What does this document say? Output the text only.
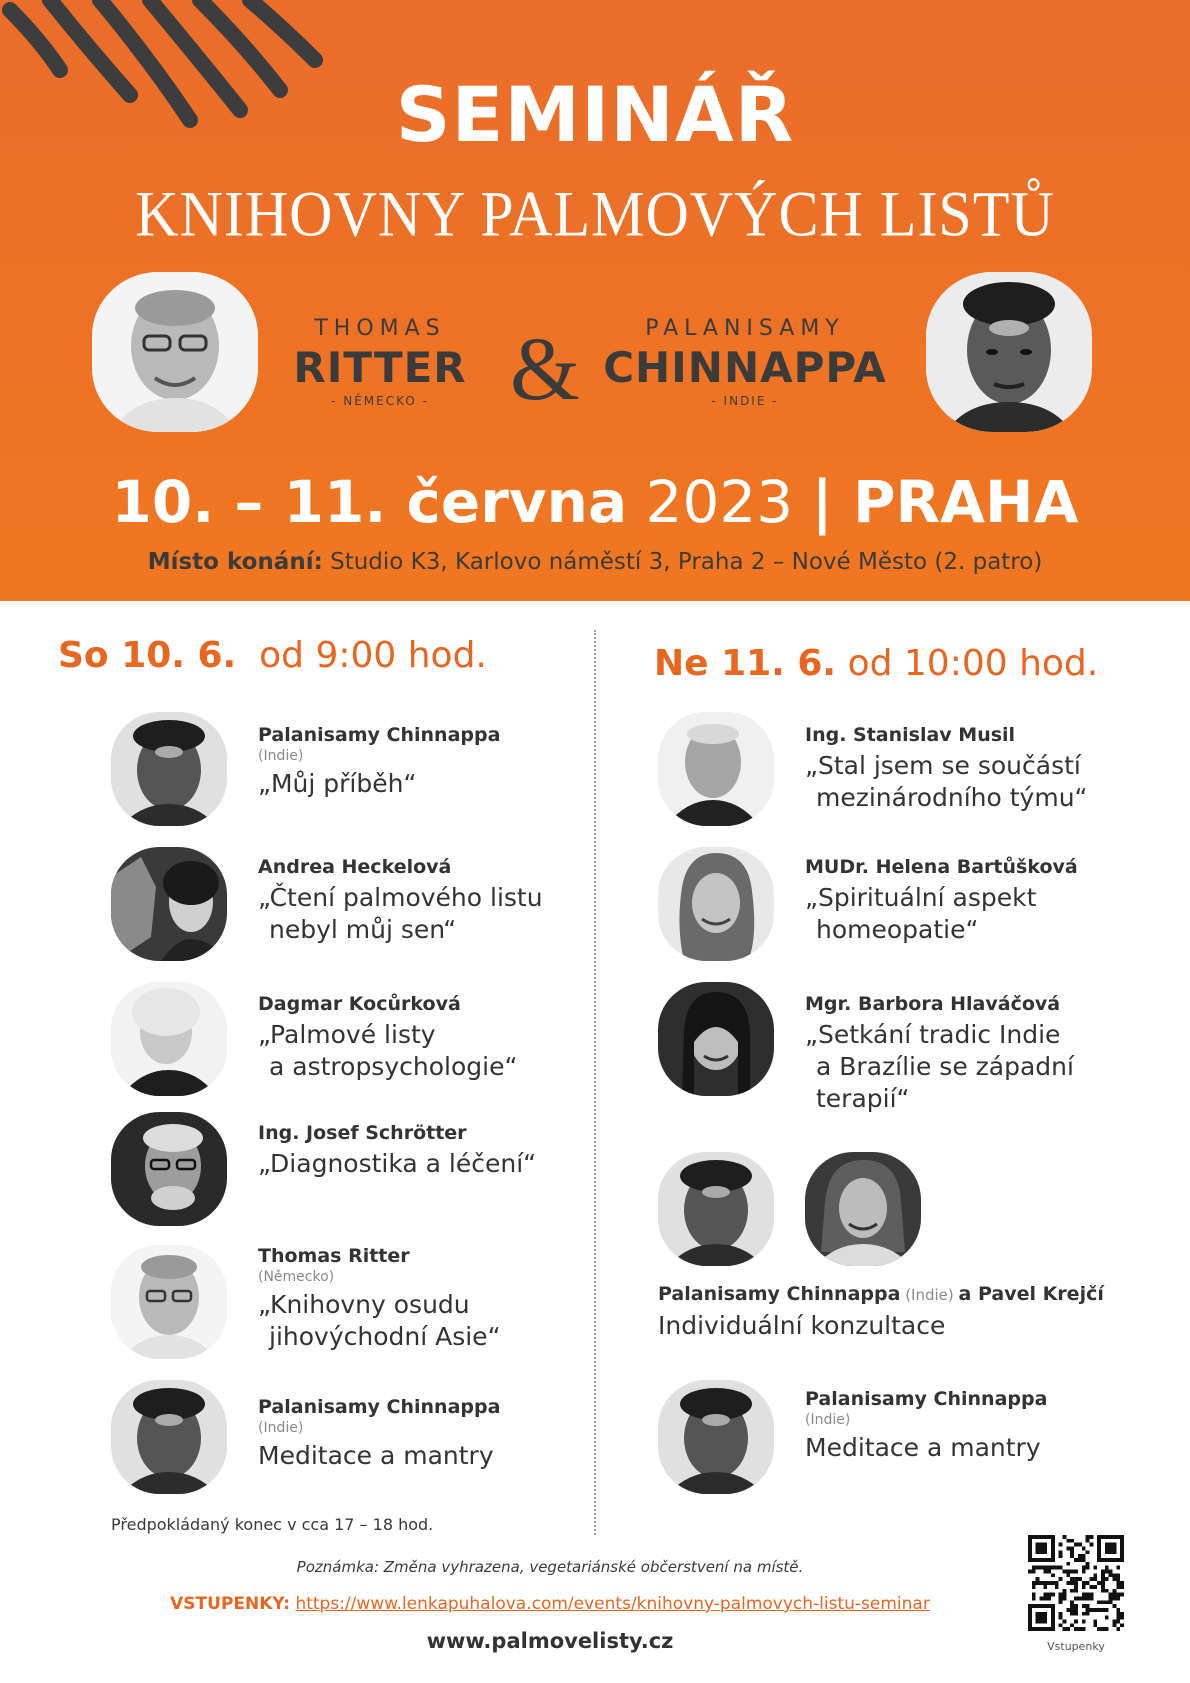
SEMINÁŘ
KNIHOVNY PALMOVÝCH LISTŮ
THOMAS
RITTER
- NĚMECKO - &	PALANISAMY
CHINNAPPA
- INDIE -
10. – 11. června 2023 | PRAHA
Místo konání: Studio K3, Karlovo náměstí 3, Praha 2 – Nové Město (2. patro)
So 10. 6. od 9:00 hod.	Ne 11. 6. od 10:00 hod.
Palanisamy Chinnappa
(Indie)
„Můj příběh“
Andrea Heckelová
„Čtení palmového listu
nebyl můj sen“
Dagmar Kocůrková
„Palmové listy
a astropsychologie“
Ing. Josef Schrötter
„Diagnostika a léčení“
Thomas Ritter
(Německo)
„Knihovny osudu
jihovýchodní Asie“
Palanisamy Chinnappa
(Indie)
Meditace a mantry
Předpokládaný konec v cca 17 – 18 hod.
Ing. Stanislav Musil
„Stal jsem se součástí
mezinárodního týmu“
MUDr. Helena Bartůšková
„Spirituální aspekt
homeopatie“
Mgr. Barbora Hlaváčová
„Setkání tradic Indie
a Brazílie se západní
terapií“
Palanisamy Chinnappa (Indie) a Pavel Krejčí
Individuální konzultace
Palanisamy Chinnappa
(Indie)
Meditace a mantry
Poznámka: Změna vyhrazena, vegetariánské občerstvení na místě.
VSTUPENKY: https://www.lenkapuhalova.com/events/knihovny-palmovych-listu-seminar
www.palmovelisty.cz	Vstupenky
